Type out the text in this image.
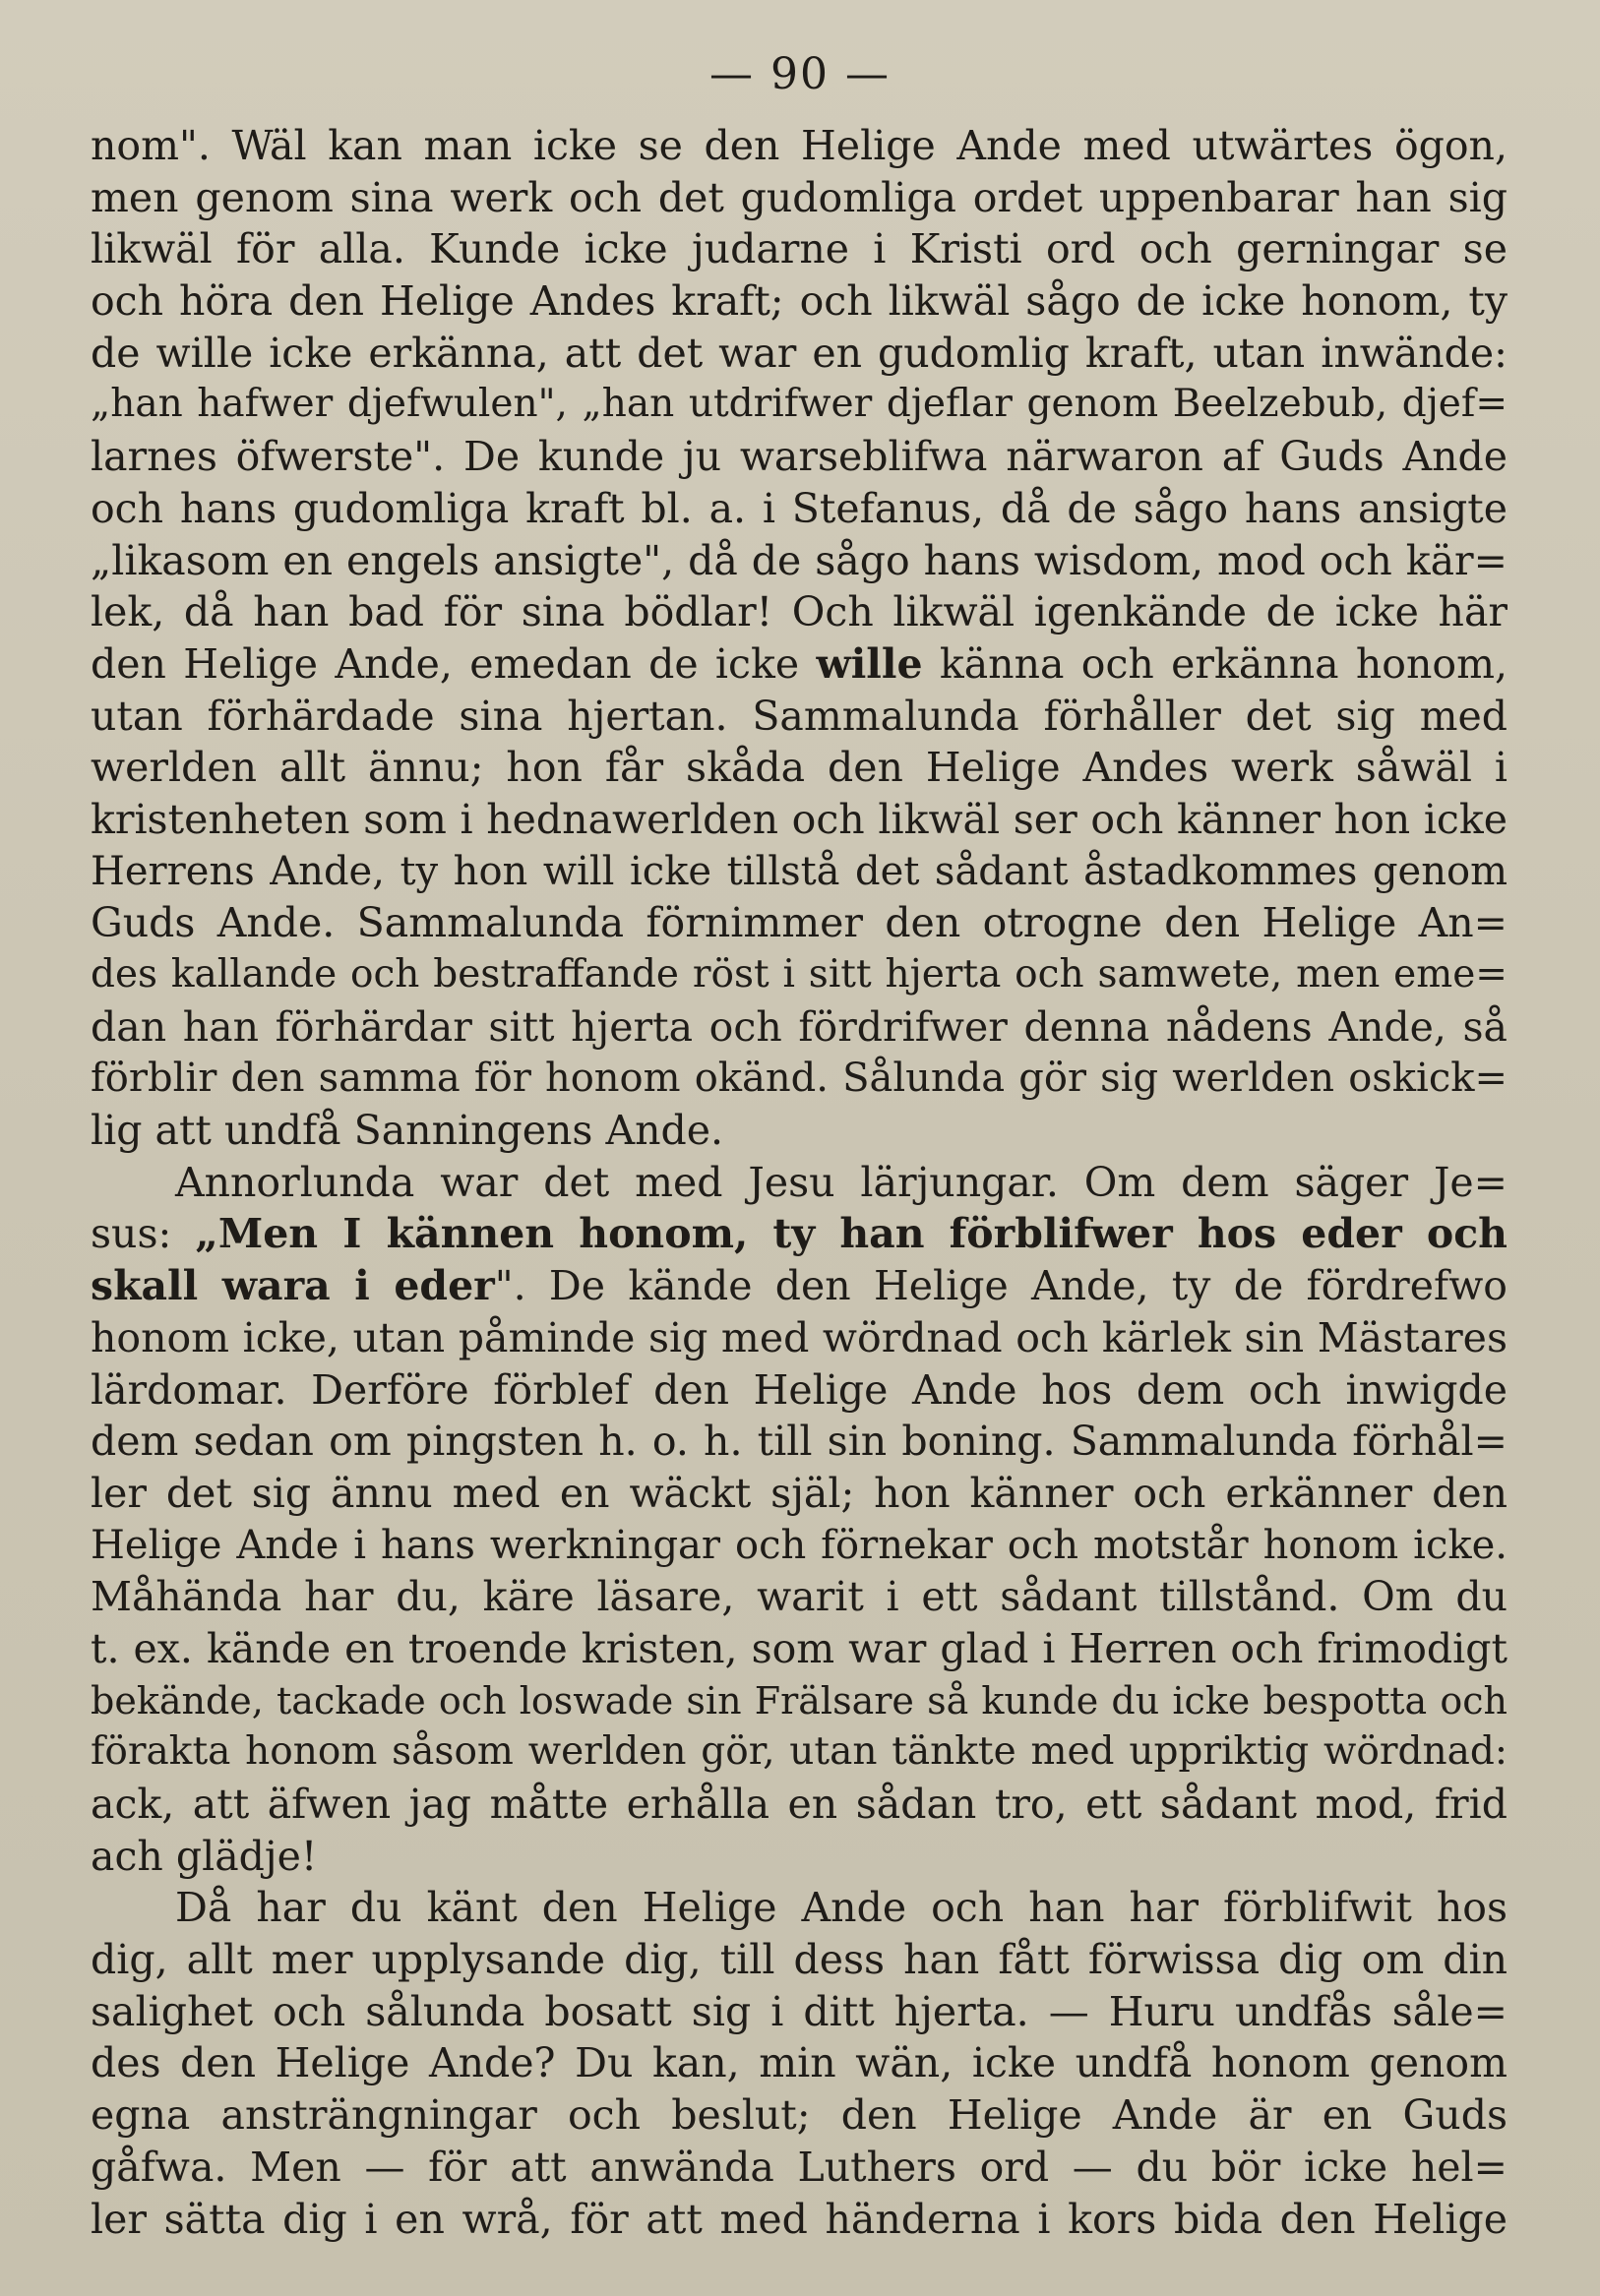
— 90 —
nom". Wäl kan man icke se den Helige Ande med utwärtes ögon,
men genom sina werk och det gudomliga ordet uppenbarar han sig
likwäl för alla. Kunde icke judarne i Kristi ord och gerningar se
och höra den Helige Andes kraft; och likwäl sågo de icke honom, ty
de wille icke erkänna, att det war en gudomlig kraft, utan inwände:
„han hafwer djefwulen", „han utdrifwer djeflar genom Beelzebub, djef=
larnes öfwerste". De kunde ju warseblifwa närwaron af Guds Ande
och hans gudomliga kraft bl. a. i Stefanus, då de sågo hans ansigte
„likasom en engels ansigte", då de sågo hans wisdom, mod och kär=
lek, då han bad för sina bödlar! Och likwäl igenkände de icke här
den Helige Ande, emedan de icke wille känna och erkänna honom,
utan förhärdade sina hjertan. Sammalunda förhåller det sig med
werlden allt ännu; hon får skåda den Helige Andes werk såwäl i
kristenheten som i hednawerlden och likwäl ser och känner hon icke
Herrens Ande, ty hon will icke tillstå det sådant åstadkommes genom
Guds Ande. Sammalunda förnimmer den otrogne den Helige An=
des kallande och bestraffande röst i sitt hjerta och samwete, men eme=
dan han förhärdar sitt hjerta och fördrifwer denna nådens Ande, så
förblir den samma för honom okänd. Sålunda gör sig werlden oskick=
lig att undfå Sanningens Ande.
Annorlunda war det med Jesu lärjungar. Om dem säger Je=
sus: „Men I kännen honom, ty han förblifwer hos eder och
skall wara i eder". De kände den Helige Ande, ty de fördrefwo
honom icke, utan påminde sig med wördnad och kärlek sin Mästares
lärdomar. Derföre förblef den Helige Ande hos dem och inwigde
dem sedan om pingsten h. o. h. till sin boning. Sammalunda förhål=
ler det sig ännu med en wäckt själ; hon känner och erkänner den
Helige Ande i hans werkningar och förnekar och motstår honom icke.
Måhända har du, käre läsare, warit i ett sådant tillstånd. Om du
t. ex. kände en troende kristen, som war glad i Herren och frimodigt
bekände, tackade och loswade sin Frälsare så kunde du icke bespotta och
förakta honom såsom werlden gör, utan tänkte med uppriktig wördnad:
ack, att äfwen jag måtte erhålla en sådan tro, ett sådant mod, frid
ach glädje!
Då har du känt den Helige Ande och han har förblifwit hos
dig, allt mer upplysande dig, till dess han fått förwissa dig om din
salighet och sålunda bosatt sig i ditt hjerta. — Huru undfås såle=
des den Helige Ande? Du kan, min wän, icke undfå honom genom
egna ansträngningar och beslut; den Helige Ande är en Guds
gåfwa. Men — för att anwända Luthers ord — du bör icke hel=
ler sätta dig i en wrå, för att med händerna i kors bida den Helige
